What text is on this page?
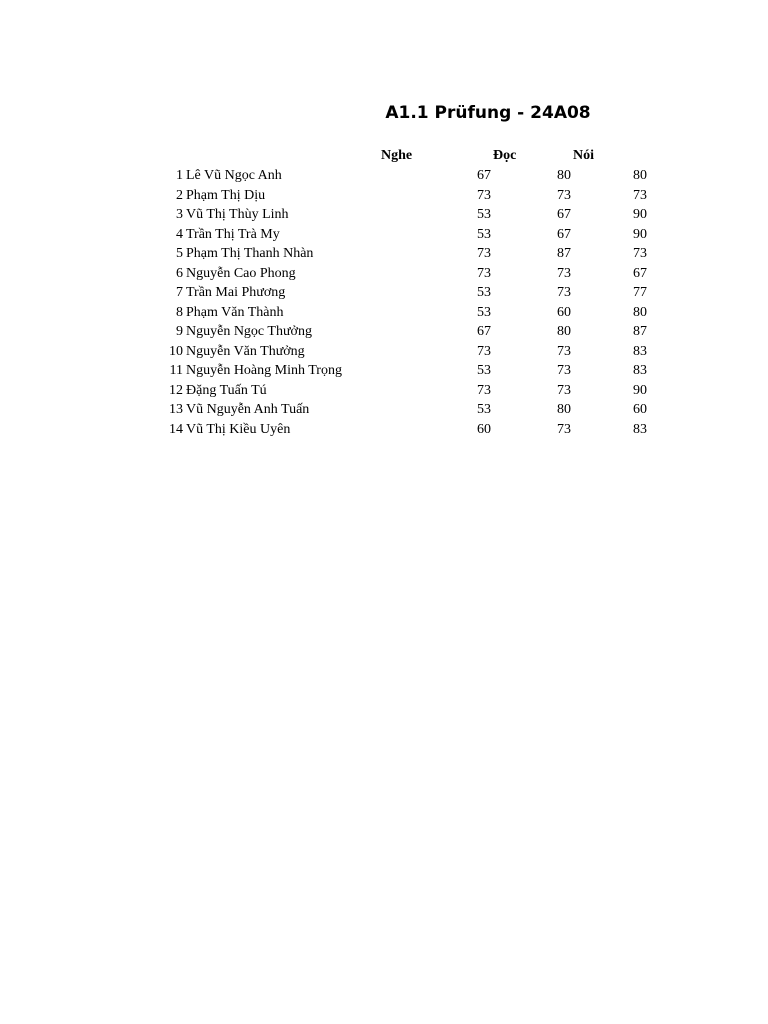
A1.1 Prüfung - 24A08
Nghe	Đọc	Nói
1 Lê Vũ Ngọc Anh	67	80	80
2 Phạm Thị Dịu	73	73	73
3 Vũ Thị Thùy Linh	53	67	90
4 Trần Thị Trà My	53	67	90
5 Phạm Thị Thanh Nhàn	73	87	73
6 Nguyễn Cao Phong	73	73	67
7 Trần Mai Phương	53	73	77
8 Phạm Văn Thành	53	60	80
9 Nguyễn Ngọc Thưởng	67	80	87
10 Nguyễn Văn Thưởng	73	73	83
11 Nguyễn Hoàng Minh Trọng	53	73	83
12 Đặng Tuấn Tú	73	73	90
13 Vũ Nguyễn Anh Tuấn	53	80	60
14 Vũ Thị Kiều Uyên	60	73	83
